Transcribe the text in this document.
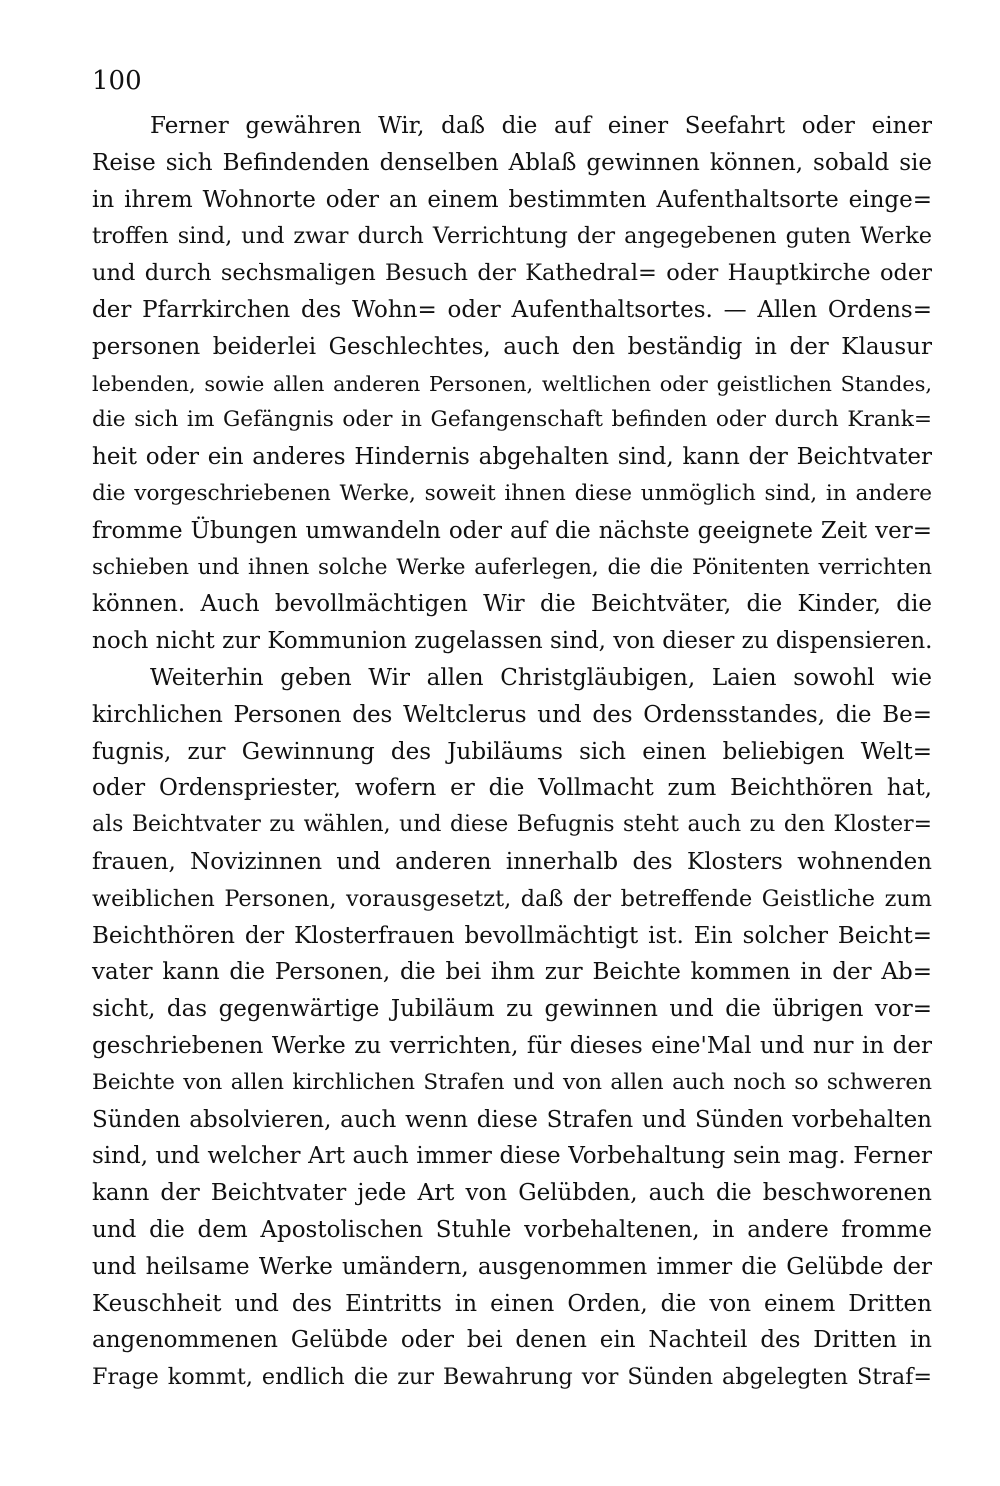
100
Ferner gewähren Wir, daß die auf einer Seefahrt oder einer
Reise sich Befindenden denselben Ablaß gewinnen können, sobald sie
in ihrem Wohnorte oder an einem bestimmten Aufenthaltsorte einge=
troffen sind, und zwar durch Verrichtung der angegebenen guten Werke
und durch sechsmaligen Besuch der Kathedral= oder Hauptkirche oder
der Pfarrkirchen des Wohn= oder Aufenthaltsortes. — Allen Ordens=
personen beiderlei Geschlechtes, auch den beständig in der Klausur
lebenden, sowie allen anderen Personen, weltlichen oder geistlichen Standes,
die sich im Gefängnis oder in Gefangenschaft befinden oder durch Krank=
heit oder ein anderes Hindernis abgehalten sind, kann der Beichtvater
die vorgeschriebenen Werke, soweit ihnen diese unmöglich sind, in andere
fromme Übungen umwandeln oder auf die nächste geeignete Zeit ver=
schieben und ihnen solche Werke auferlegen, die die Pönitenten verrichten
können. Auch bevollmächtigen Wir die Beichtväter, die Kinder, die
noch nicht zur Kommunion zugelassen sind, von dieser zu dispensieren.
Weiterhin geben Wir allen Christgläubigen, Laien sowohl wie
kirchlichen Personen des Weltclerus und des Ordensstandes, die Be=
fugnis, zur Gewinnung des Jubiläums sich einen beliebigen Welt=
oder Ordenspriester, wofern er die Vollmacht zum Beichthören hat,
als Beichtvater zu wählen, und diese Befugnis steht auch zu den Kloster=
frauen, Novizinnen und anderen innerhalb des Klosters wohnenden
weiblichen Personen, vorausgesetzt, daß der betreffende Geistliche zum
Beichthören der Klosterfrauen bevollmächtigt ist. Ein solcher Beicht=
vater kann die Personen, die bei ihm zur Beichte kommen in der Ab=
sicht, das gegenwärtige Jubiläum zu gewinnen und die übrigen vor=
geschriebenen Werke zu verrichten, für dieses eine'Mal und nur in der
Beichte von allen kirchlichen Strafen und von allen auch noch so schweren
Sünden absolvieren, auch wenn diese Strafen und Sünden vorbehalten
sind, und welcher Art auch immer diese Vorbehaltung sein mag. Ferner
kann der Beichtvater jede Art von Gelübden, auch die beschworenen
und die dem Apostolischen Stuhle vorbehaltenen, in andere fromme
und heilsame Werke umändern, ausgenommen immer die Gelübde der
Keuschheit und des Eintritts in einen Orden, die von einem Dritten
angenommenen Gelübde oder bei denen ein Nachteil des Dritten in
Frage kommt, endlich die zur Bewahrung vor Sünden abgelegten Straf=
